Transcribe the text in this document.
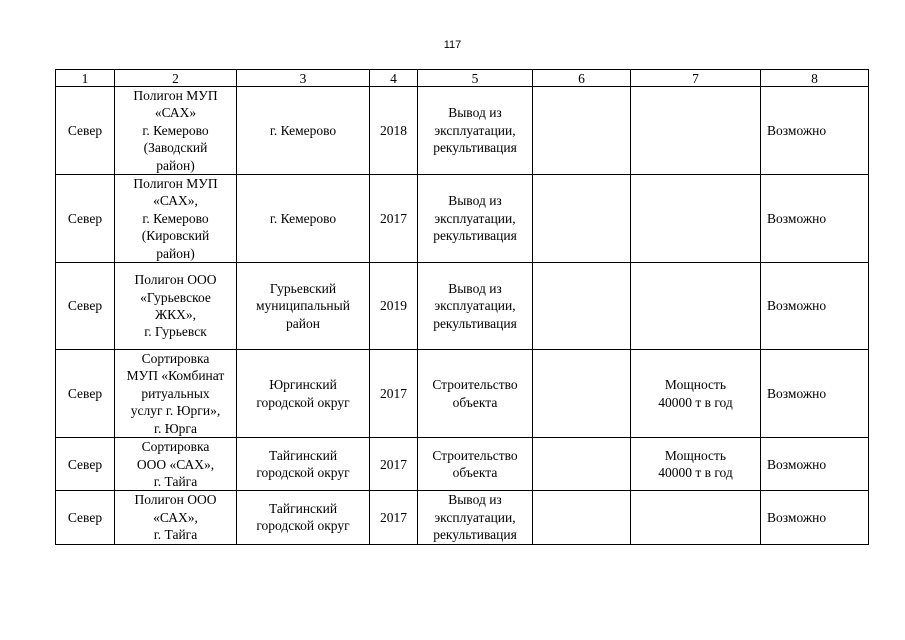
117
1	2	3	4	5	6	7	8
Север	Полигон МУП
«САХ»
г. Кемерово
(Заводский
район)	г. Кемерово	2018	Вывод из
эксплуатации,
рекультивация			Возможно
Север	Полигон МУП
«САХ»,
г. Кемерово
(Кировский
район)	г. Кемерово	2017	Вывод из
эксплуатации,
рекультивация			Возможно
Север	Полигон ООО
«Гурьевское
ЖКХ»,
г. Гурьевск	Гурьевский
муниципальный
район	2019	Вывод из
эксплуатации,
рекультивация			Возможно
Север	Сортировка
МУП «Комбинат
ритуальных
услуг г. Юрги»,
г. Юрга	Юргинский
городской округ	2017	Строительство
объекта		Мощность
40000 т в год	Возможно
Север	Сортировка
ООО «САХ»,
г. Тайга	Тайгинский
городской округ	2017	Строительство
объекта		Мощность
40000 т в год	Возможно
Север	Полигон ООО
«САХ»,
г. Тайга	Тайгинский
городской округ	2017	Вывод из
эксплуатации,
рекультивация			Возможно
